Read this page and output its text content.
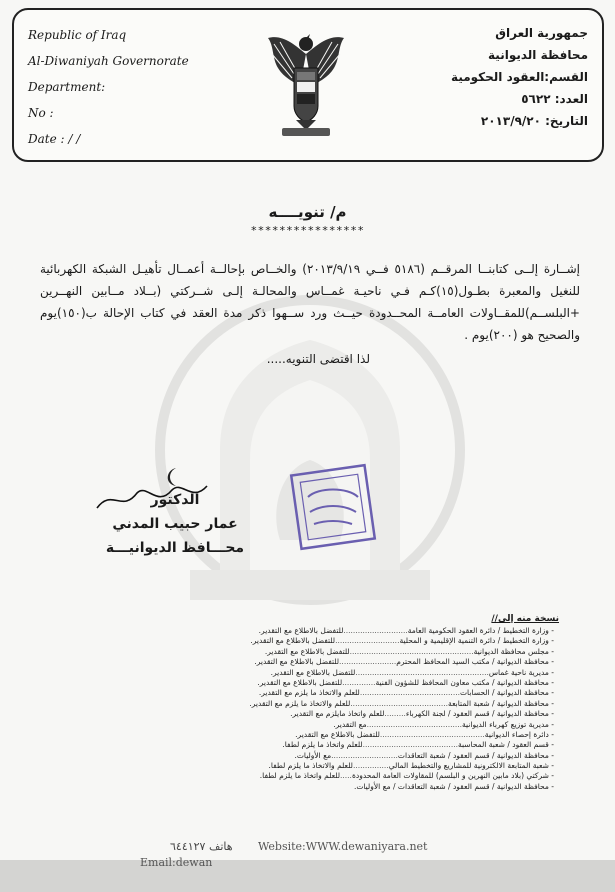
Republic of Iraq
Al-Diwaniyah Governorate
Department:
No :
Date : / /
جمهورية العراق
محافظة الديوانية
القسم:العقود الحكومية
العدد: ٥٦٢٢
التاريخ: ٢٠١٣/٩/٢٠
م/ تنويــــه
****************
إشــارة إلــى كتابنــا المرقــم (٥١٨٦ فــي ٢٠١٣/٩/١٩) والخــاص بإحالــة أعمــال تأهيـل الشبكة الكهربائية للنغيل والمعبرة بطـول(١٥)كـم فـي ناحيـة غمــاس والمحالـة إلـى شــركتي (بــلاد مــابين النهــرين +البلســم)للمقــاولات العامــة المحــدودة حيــث ورد ســهوا ذكر مدة العقد في كتاب الإحالة ب(١٥٠)يوم والصحيح هو (٢٠٠)يوم .
لذا اقتضى التنويه.....
الدكتور
عمار حبيب المدني
محـــافظ الديوانيـــة
نسخة منه إلى//
- وزارة التخطيط / دائرة العقود الحكومية العامة...........................للتفضل بالاطلاع مع التقدير.
- وزارة التخطيط / دائرة التنمية الإقليمية و المحلية...........................للتفضل بالاطلاع مع التقدير.
- مجلس محافظة الديوانية....................................................للتفضل بالاطلاع مع التقدير.
- محافظة الديوانية / مكتب السيد المحافظ المحترم........................للتفضل بالاطلاع مع التقدير.
- مديرية ناحية غماس........................................................للتفضل بالاطلاع مع التقدير.
- محافظة الديوانية / مكتب معاون المحافظ للشؤون الفنية..............للتفضل بالاطلاع مع التقدير.
- محافظة الديوانية / الحسابات..........................................للعلم والاتخاذ ما يلزم مع التقدير.
- محافظة الديوانية / شعبة المتابعة.........................................للعلم والاتخاذ ما يلزم مع التقدير.
- محافظة الديوانية / قسم العقود / لجنة الكهرباء.........للعلم واتخاذ مايلزم مع التقدير.
- مديرية توزيع كهرباء الديوانية........................................مع التقدير.
- دائرة إحصاء الديوانية............................................للتفضل بالاطلاع مع التقدير.
- قسم العقود / شعبة المحاسبة........................................للعلم واتخاذ ما يلزم لطفا.
- محافظة الديوانية / قسم العقود / شعبة التعاقدات............................مع الأوليات.
- شعبة المتابعة الالكترونية للمشاريع والتخطيط المالي...............للعلم والاتخاذ ما يلزم لطفا.
- شركتي (بلاد مابين النهرين و البلسم) للمقاولات العامة المحدودة.....للعلم واتخاذ ما يلزم لطفا.
- محافظة الديوانية / قسم العقود / شعبة التعاقدات / مع الأوليات.
هاتف ٦٤٤١٢٧ Website:WWW.dewaniyara.net
Email:dewan
